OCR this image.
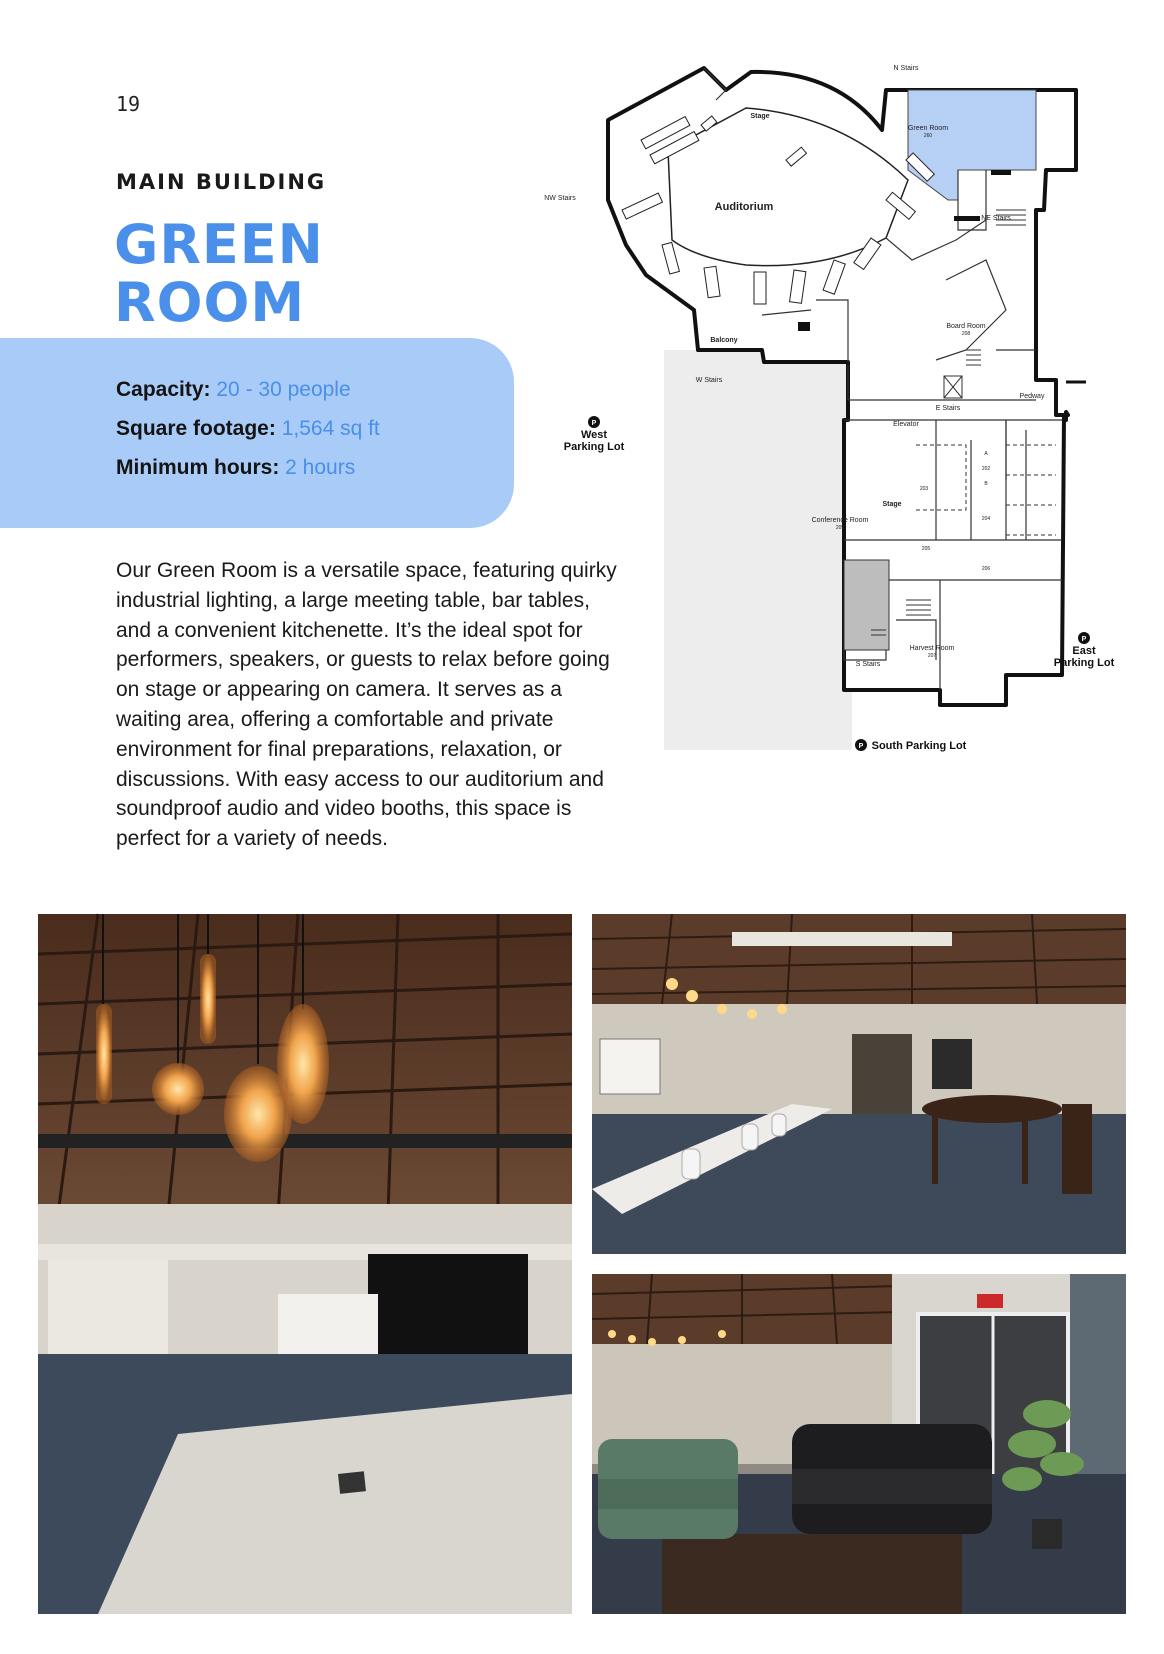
19
MAIN BUILDING
GREEN
ROOM
Capacity: 20 - 30 people
Square footage: 1,564 sq ft
Minimum hours: 2 hours
Our Green Room is a versatile space, featuring quirky industrial lighting, a large meeting table, bar tables, and a convenient kitchenette. It’s the ideal spot for performers, speakers, or guests to relax before going on stage or appearing on camera. It serves as a waiting area, offering a comfortable and private environment for final preparations, relaxation, or discussions. With easy access to our auditorium and soundproof audio and video booths, this space is perfect for a variety of needs.
N Stairs
Stage
Green Room
260
NW Stairs
Auditorium
NE Stairs
Board Room
208
Balcony
W Stairs
Pedway
E Stairs
Elevator
Stage
203
Conference Room
209
205
202
204
206
A
B
Harvest Room
207
S Stairs
P
West
Parking Lot
P
East
Parking Lot
P South Parking Lot
